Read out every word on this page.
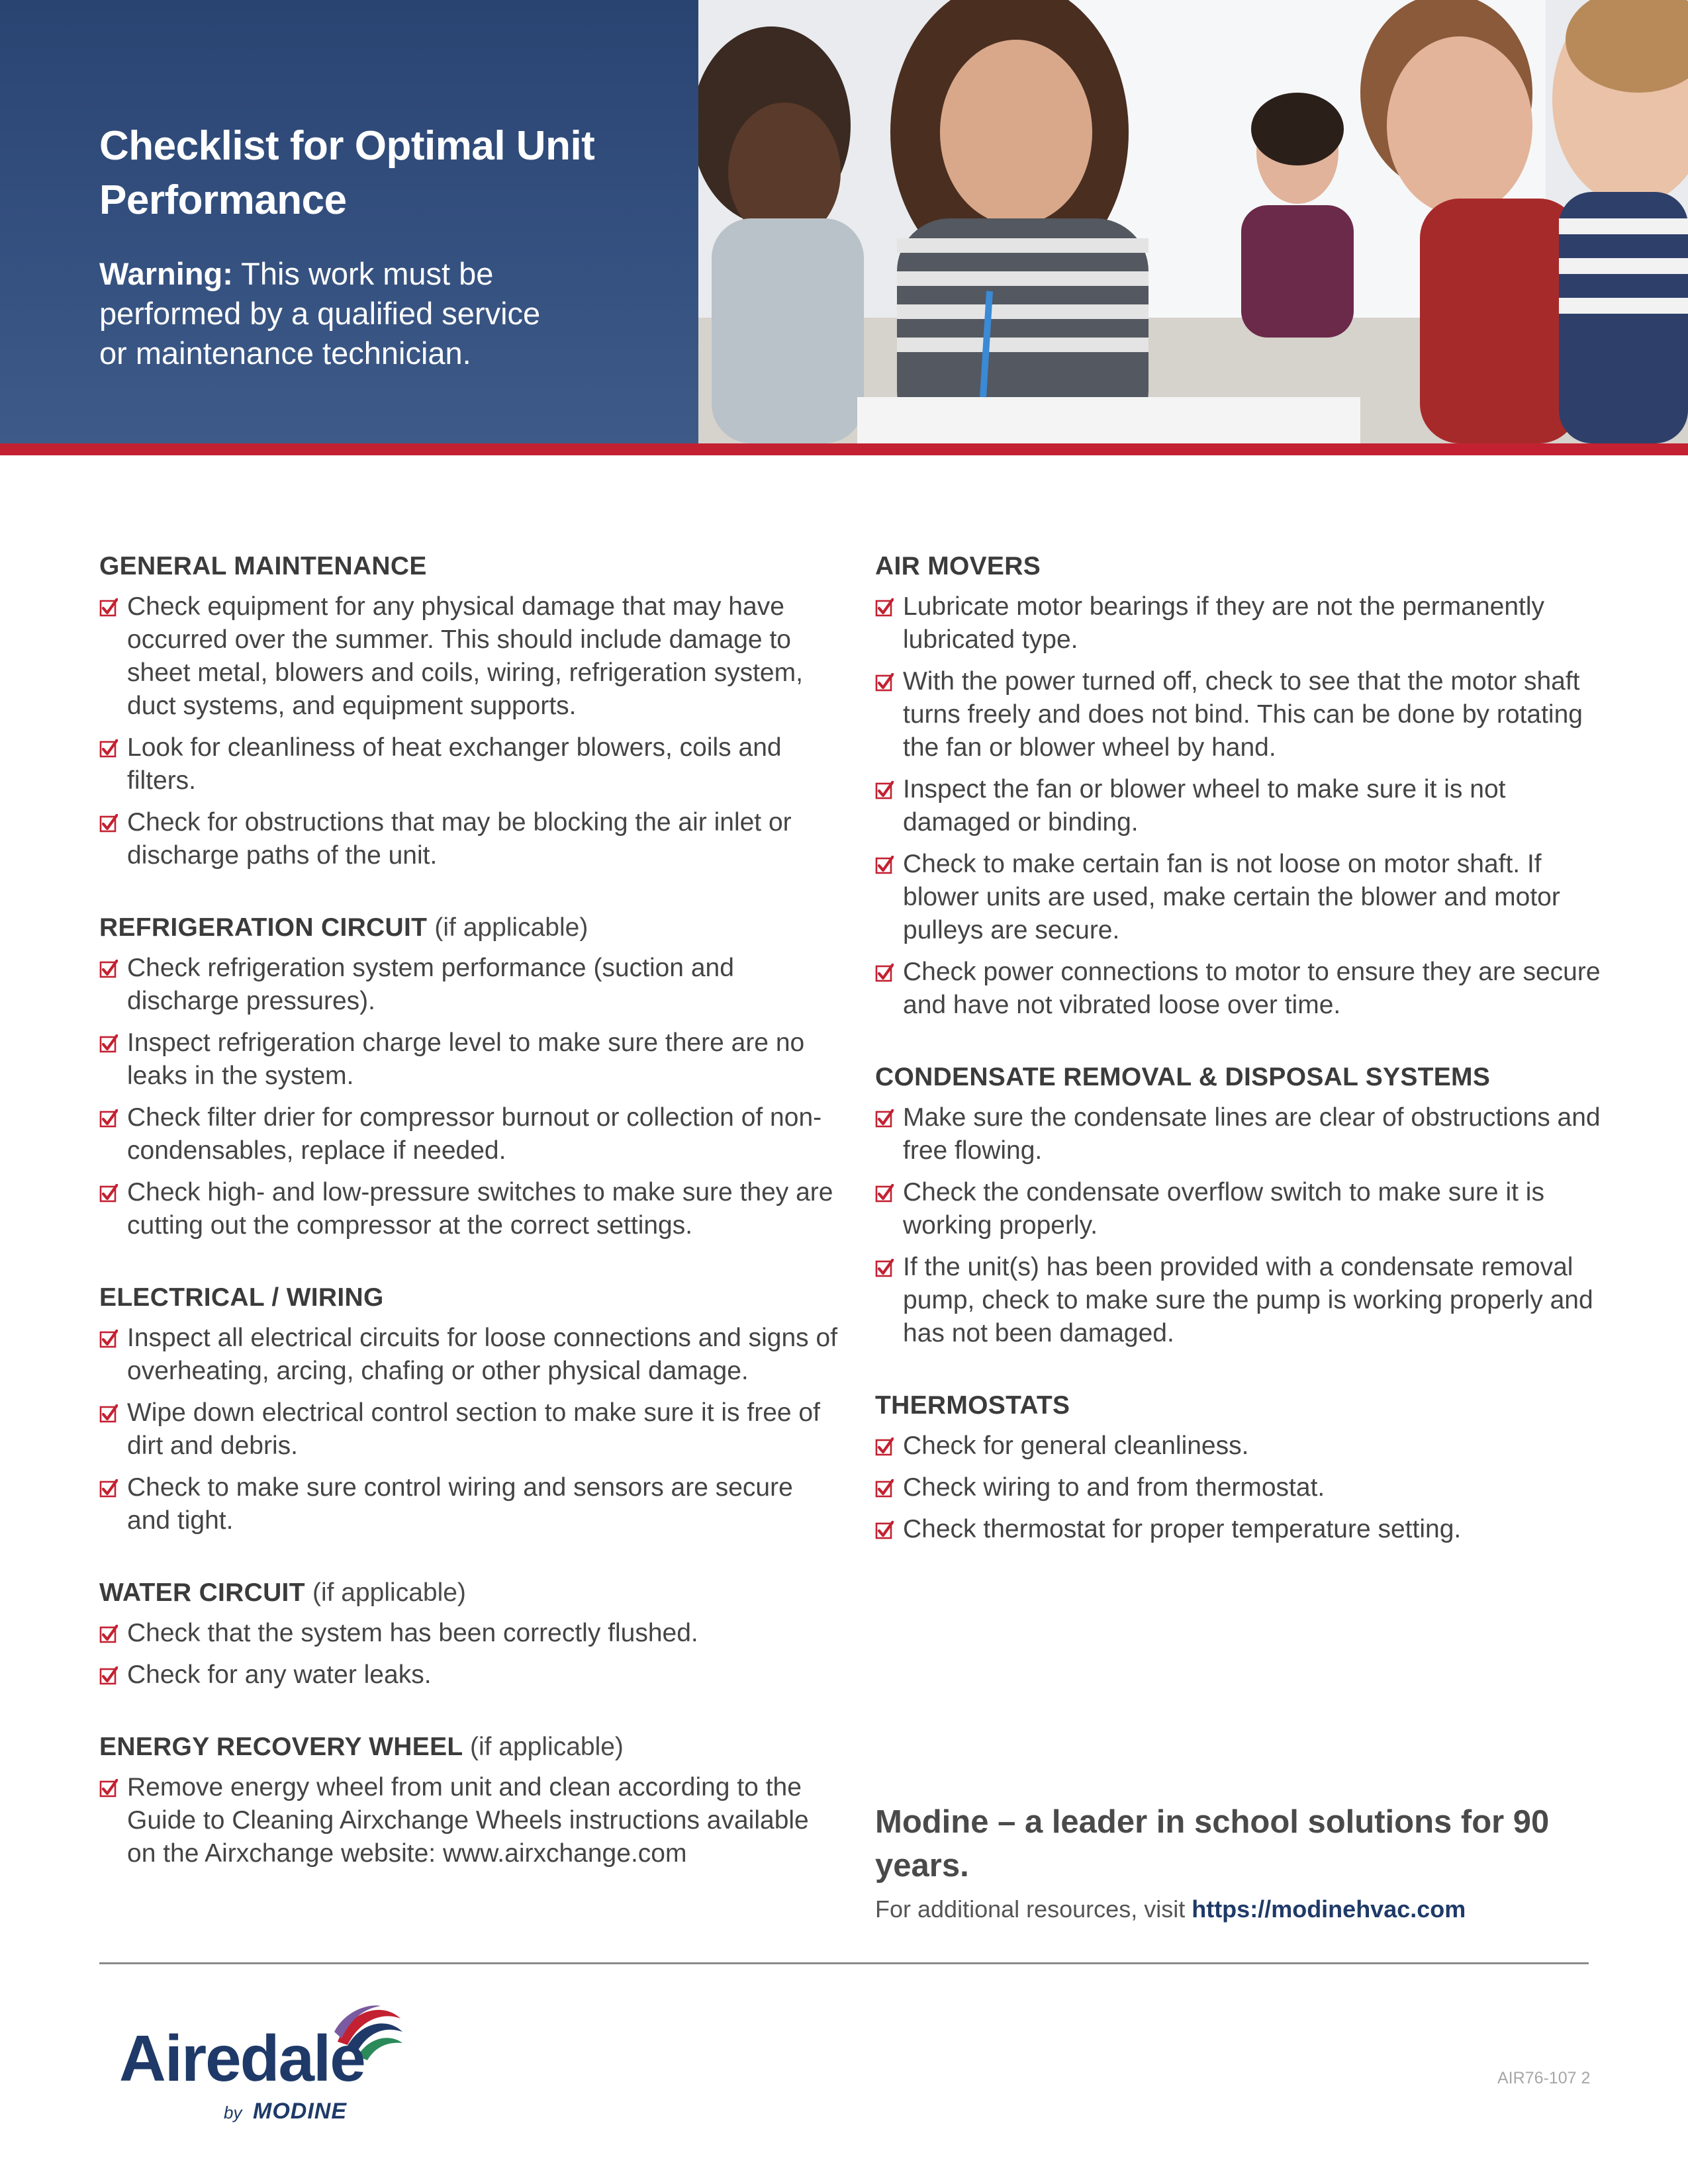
Checklist for Optimal Unit Performance

Warning: This work must be performed by a qualified service or maintenance technician.

GENERAL MAINTENANCE
Check equipment for any physical damage that may have occurred over the summer. This should include damage to sheet metal, blowers and coils, wiring, refrigeration system, duct systems, and equipment supports.
Look for cleanliness of heat exchanger blowers, coils and filters.
Check for obstructions that may be blocking the air inlet or discharge paths of the unit.
REFRIGERATION CIRCUIT (if applicable)
Check refrigeration system performance (suction and discharge pressures).
Inspect refrigeration charge level to make sure there are no leaks in the system.
Check filter drier for compressor burnout or collection of non-condensables, replace if needed.
Check high- and low-pressure switches to make sure they are cutting out the compressor at the correct settings.
ELECTRICAL / WIRING
Inspect all electrical circuits for loose connections and signs of overheating, arcing, chafing or other physical damage.
Wipe down electrical control section to make sure it is free of dirt and debris.
Check to make sure control wiring and sensors are secure and tight.
WATER CIRCUIT (if applicable)
Check that the system has been correctly flushed.
Check for any water leaks.
ENERGY RECOVERY WHEEL (if applicable)
Remove energy wheel from unit and clean according to the Guide to Cleaning Airxchange Wheels instructions available on the Airxchange website: www.airxchange.com
AIR MOVERS
Lubricate motor bearings if they are not the permanently lubricated type.
With the power turned off, check to see that the motor shaft turns freely and does not bind. This can be done by rotating the fan or blower wheel by hand.
Inspect the fan or blower wheel to make sure it is not damaged or binding.
Check to make certain fan is not loose on motor shaft. If blower units are used, make certain the blower and motor pulleys are secure.
Check power connections to motor to ensure they are secure and have not vibrated loose over time.
CONDENSATE REMOVAL & DISPOSAL SYSTEMS
Make sure the condensate lines are clear of obstructions and free flowing.
Check the condensate overflow switch to make sure it is working properly.
If the unit(s) has been provided with a condensate removal pump, check to make sure the pump is working properly and has not been damaged.
THERMOSTATS
Check for general cleanliness.
Check wiring to and from thermostat.
Check thermostat for proper temperature setting.

Modine – a leader in school solutions for 90 years.

For additional resources, visit https://modinehvac.com

Airedale
by MODINE
AIR76-107 2
